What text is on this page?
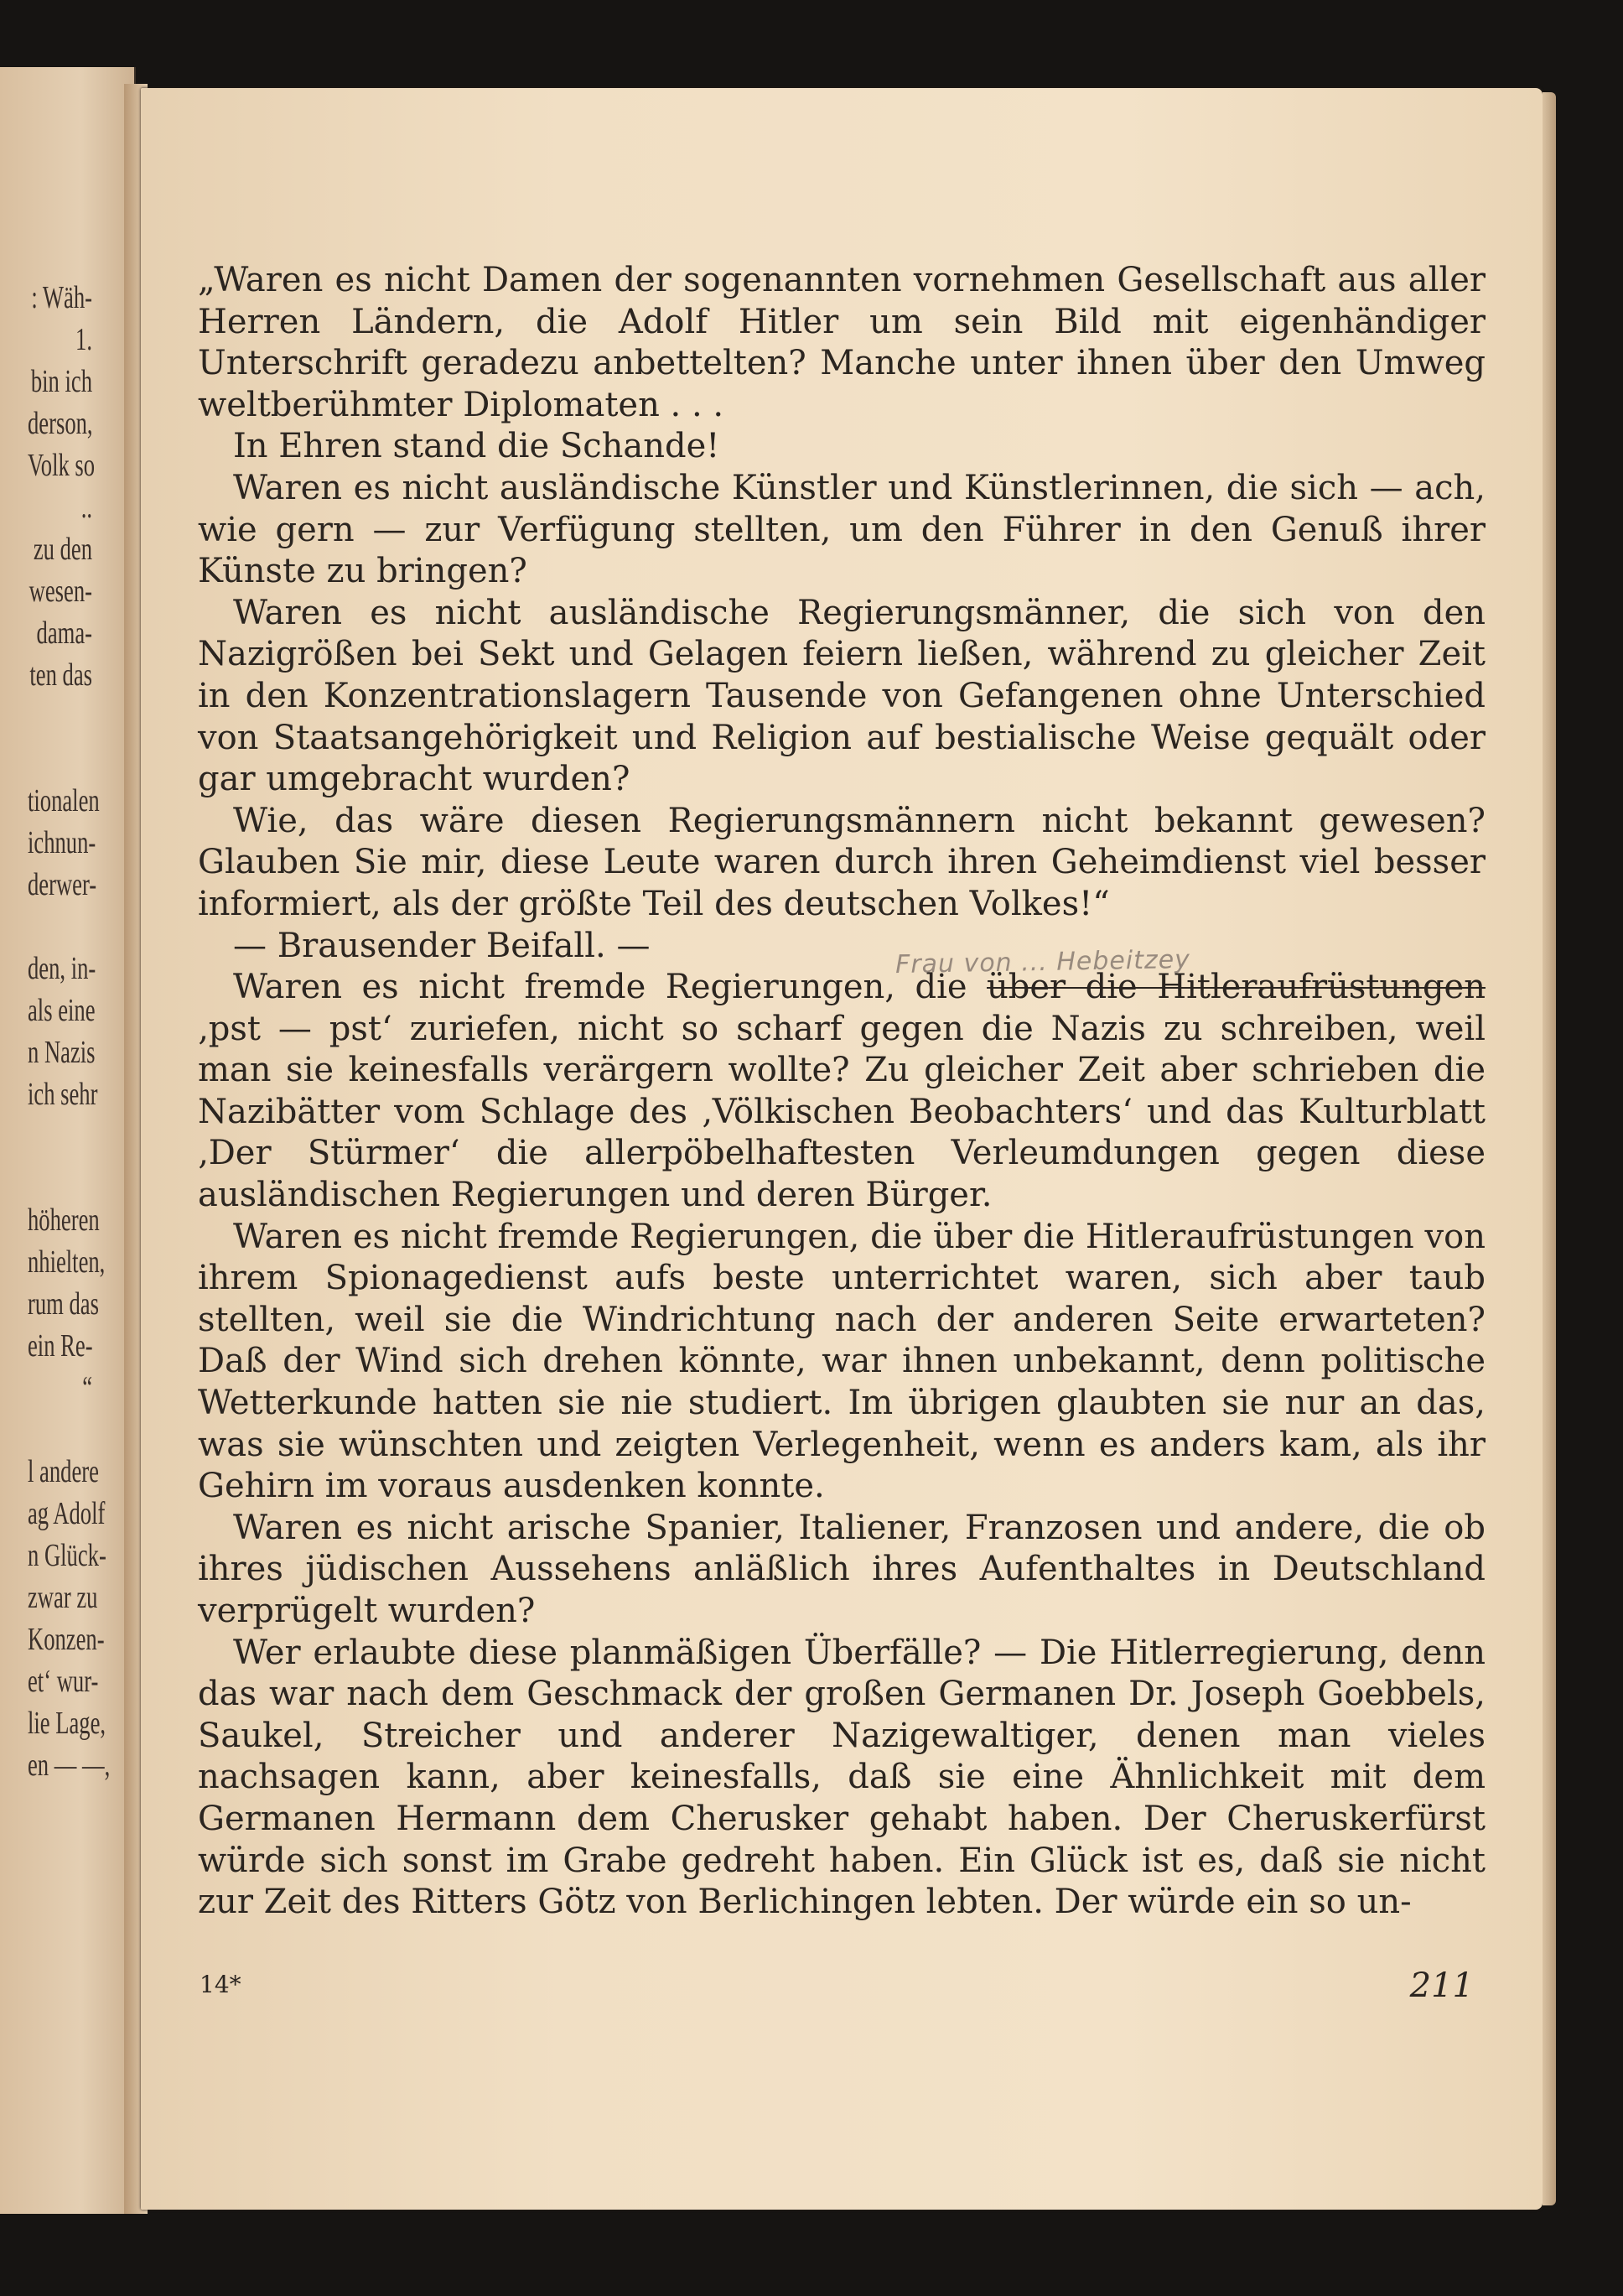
: Wäh-
1.
bin ich
derson,
Volk so
..
zu den
wesen-
dama-
ten das
tionalen
ichnun-
derwer-
den, in-
als eine
n Nazis
ich sehr
höheren
nhielten,
rum das
ein Re-
“
l andere
ag Adolf
n Glück-
zwar zu
Konzen-
et‘ wur-
lie Lage,
en — —,

„Waren es nicht Damen der sogenannten vornehmen Gesellschaft aus aller Herren Ländern, die Adolf Hitler um sein Bild mit eigenhändiger Unterschrift geradezu anbettelten? Manche unter ihnen über den Umweg weltberühmter Diplomaten . . .

In Ehren stand die Schande!

Waren es nicht ausländische Künstler und Künstlerinnen, die sich — ach, wie gern — zur Verfügung stellten, um den Führer in den Genuß ihrer Künste zu bringen?

Waren es nicht ausländische Regierungsmänner, die sich von den Nazigrößen bei Sekt und Gelagen feiern ließen, während zu gleicher Zeit in den Konzentrationslagern Tausende von Gefangenen ohne Unterschied von Staatsangehörigkeit und Religion auf bestialische Weise gequält oder gar umgebracht wurden?

Wie, das wäre diesen Regierungsmännern nicht bekannt gewesen? Glauben Sie mir, diese Leute waren durch ihren Geheimdienst viel besser informiert, als der größte Teil des deutschen Volkes!“

— Brausender Beifall. —

Waren es nicht fremde Regierungen, die über die Hitleraufrüstungen ‚pst — pst‘ zuriefen, nicht so scharf gegen die Nazis zu schreiben, weil man sie keinesfalls verärgern wollte? Zu gleicher Zeit aber schrieben die Nazibätter vom Schlage des ‚Völkischen Beobachters‘ und das Kulturblatt ‚Der Stürmer‘ die allerpöbelhaftesten Verleumdungen gegen diese ausländischen Regierungen und deren Bürger.

Waren es nicht fremde Regierungen, die über die Hitleraufrüstungen von ihrem Spionagedienst aufs beste unterrichtet waren, sich aber taub stellten, weil sie die Windrichtung nach der anderen Seite erwarteten? Daß der Wind sich drehen könnte, war ihnen unbekannt, denn politische Wetterkunde hatten sie nie studiert. Im übrigen glaubten sie nur an das, was sie wünschten und zeigten Verlegenheit, wenn es anders kam, als ihr Gehirn im voraus ausdenken konnte.

Waren es nicht arische Spanier, Italiener, Franzosen und andere, die ob ihres jüdischen Aussehens anläßlich ihres Aufenthaltes in Deutschland verprügelt wurden?

Wer erlaubte diese planmäßigen Überfälle? — Die Hitlerregierung, denn das war nach dem Geschmack der großen Germanen Dr. Joseph Goebbels, Saukel, Streicher und anderer Nazigewaltiger, denen man vieles nachsagen kann, aber keinesfalls, daß sie eine Ähnlichkeit mit dem Germanen Hermann dem Cherusker gehabt haben. Der Cheruskerfürst würde sich sonst im Grabe gedreht haben. Ein Glück ist es, daß sie nicht zur Zeit des Ritters Götz von Berlichingen lebten. Der würde ein so un-

Frau von ... Hebeitzey
14*	211
